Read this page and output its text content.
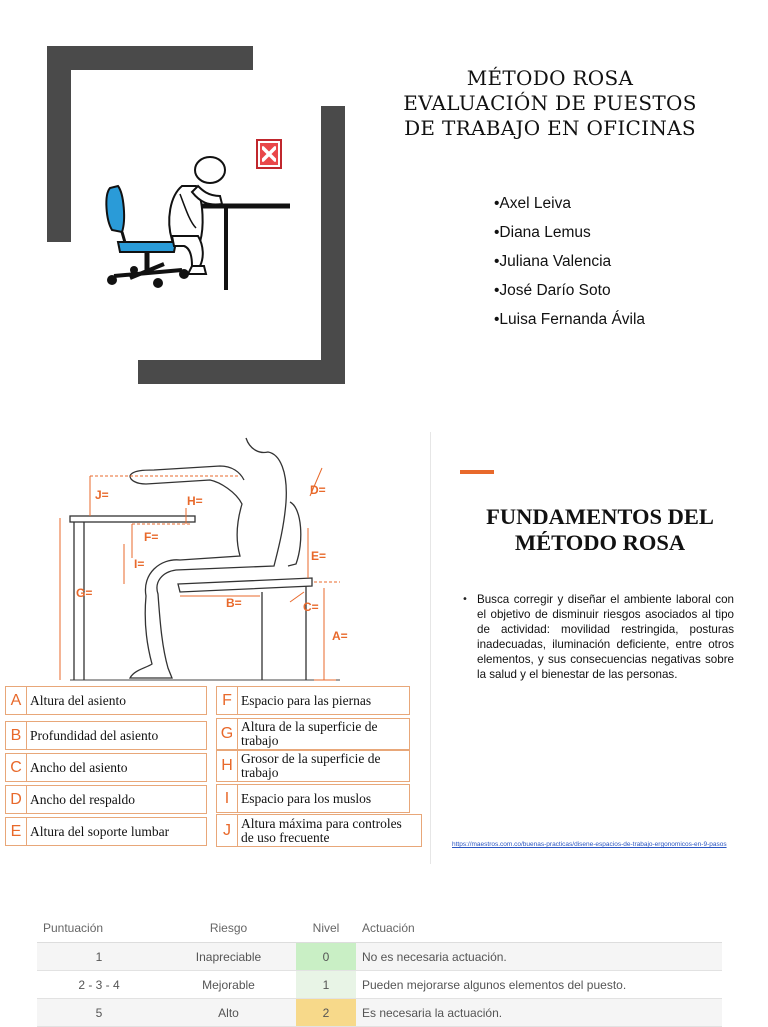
MÉTODO ROSA
EVALUACIÓN DE PUESTOS
DE TRABAJO EN OFICINAS
•Axel Leiva
•Diana Lemus
•Juliana Valencia
•José Darío Soto
•Luisa Fernanda Ávila
J=	H=
F=
I=
G=
B=
D=
E=
C=
A=
A Altura del asiento
B Profundidad del asiento
C Ancho del asiento
D Ancho del respaldo
E Altura del soporte lumbar
F Espacio para las piernas
G Altura de la superficie de trabajo
H Grosor de la superficie de trabajo
I Espacio para los muslos
J Altura máxima para controles de uso frecuente
FUNDAMENTOS DEL
MÉTODO ROSA
• Busca corregir y diseñar el ambiente laboral con el objetivo de disminuir riesgos asociados al tipo de actividad: movilidad restringida, posturas inadecuadas, iluminación deficiente, entre otros elementos, y sus consecuencias negativas sobre la salud y el bienestar de las personas.
https://maestros.com.co/buenas-practicas/disene-espacios-de-trabajo-ergonomicos-en-9-pasos
Puntuación	Riesgo	Nivel	Actuación
1	Inapreciable	0	No es necesaria actuación.
2 - 3 - 4	Mejorable	1	Pueden mejorarse algunos elementos del puesto.
5	Alto	2	Es necesaria la actuación.
